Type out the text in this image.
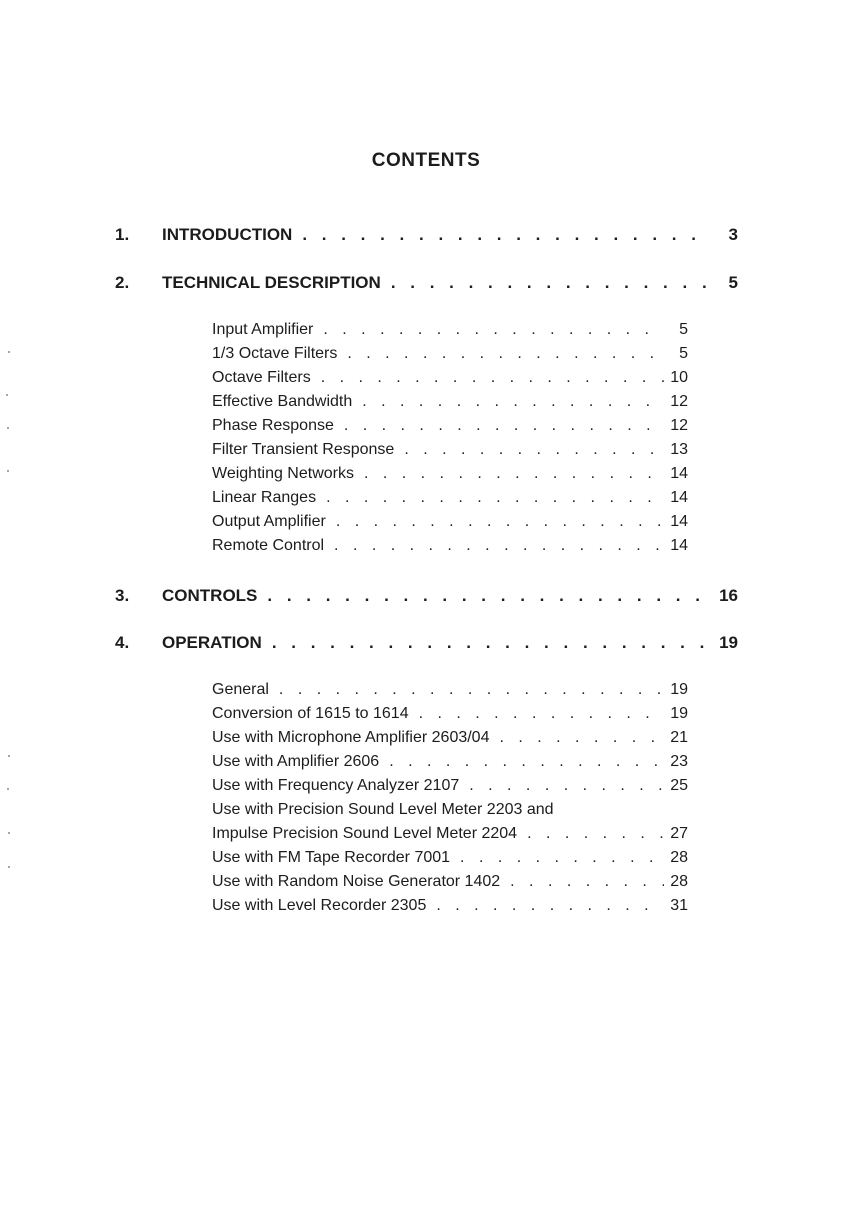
CONTENTS
1.	INTRODUCTION . . .	3
2.	TECHNICAL DESCRIPTION . . .	5
Input Amplifier . . .	5
1/3 Octave Filters . . .	5
Octave Filters . . .	10
Effective Bandwidth . . .	12
Phase Response . . .	12
Filter Transient Response . . .	13
Weighting Networks . . .	14
Linear Ranges . . .	14
Output Amplifier . . .	14
Remote Control . . .	14
3.	CONTROLS . . .	16
4.	OPERATION . . .	19
General . . .	19
Conversion of 1615 to 1614 . . .	19
Use with Microphone Amplifier 2603/04 . . .	21
Use with Amplifier 2606 . . .	23
Use with Frequency Analyzer 2107 . . .	25
Use with Precision Sound Level Meter 2203 and
Impulse Precision Sound Level Meter 2204 . . .	27
Use with FM Tape Recorder 7001 . . .	28
Use with Random Noise Generator 1402 . . .	28
Use with Level Recorder 2305 . . .	31
